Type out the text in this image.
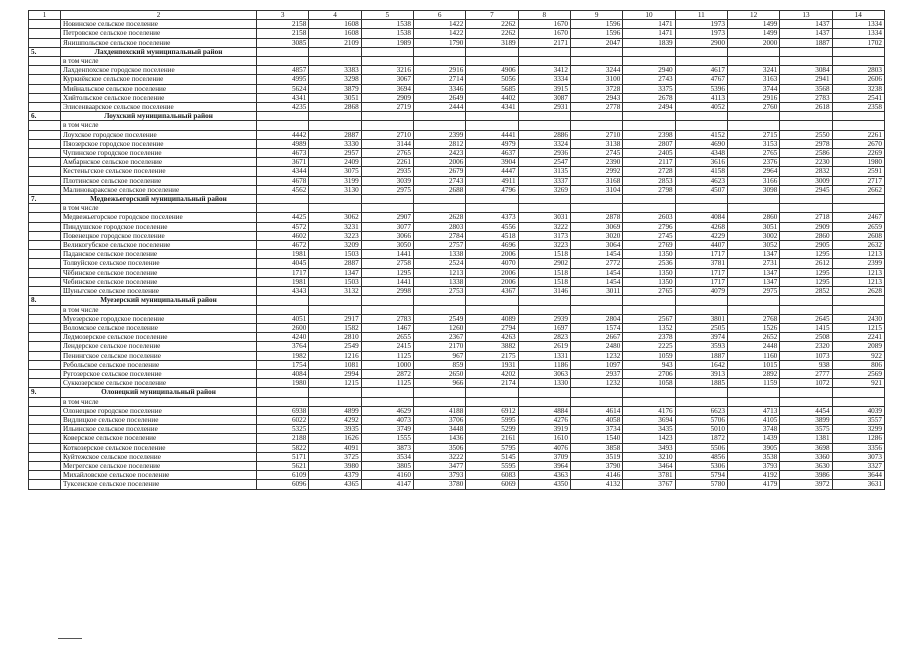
1	2	3	4	5	6	7	8	9	10	11	12	13	14
	Новинское сельское поселение	2158	1608	1538	1422	2262	1670	1596	1471	1973	1499	1437	1334
	Петровское сельское поселение	2158	1608	1538	1422	2262	1670	1596	1471	1973	1499	1437	1334
	Янишпольское сельское поселение	3085	2109	1989	1790	3189	2171	2047	1839	2900	2000	1887	1702
5.	Лахденпохский муниципальный район												
	в том числе												
	Лахденпохское городское поселение	4857	3383	3216	2916	4906	3412	3244	2940	4617	3241	3084	2803
	Куркиёкское сельское поселение	4995	3298	3067	2714	5056	3334	3100	2743	4767	3163	2941	2606
	Мийнальское сельское поселение	5624	3879	3694	3346	5685	3915	3728	3375	5396	3744	3568	3238
	Хийтольское сельское поселение	4341	3051	2909	2649	4402	3087	2943	2678	4113	2916	2783	2541
	Элисенваарское сельское поселение	4235	2868	2719	2444	4341	2931	2778	2494	4052	2760	2618	2358
6.	Лоухский муниципальный район												
	в том числе												
	Лоухское городское поселение	4442	2887	2710	2399	4441	2886	2710	2398	4152	2715	2550	2261
	Пяозерское городское поселение	4989	3330	3144	2812	4979	3324	3138	2807	4690	3153	2978	2670
	Чупинское городское поселение	4673	2957	2765	2423	4637	2936	2745	2405	4348	2765	2586	2269
	Амбарнское сельское поселение	3671	2409	2261	2006	3904	2547	2390	2117	3616	2376	2230	1980
	Кестеньгское сельское поселение	4344	3075	2935	2679	4447	3135	2992	2728	4158	2964	2832	2591
	Плотинское сельское поселение	4678	3199	3039	2743	4911	3337	3168	2853	4623	3166	3009	2717
	Малиноваракское сельское поселение	4562	3130	2975	2688	4796	3269	3104	2798	4507	3098	2945	2662
7.	Медвежьегорский муниципальный район												
	в том числе												
	Медвежьегорское городское поселение	4425	3062	2907	2628	4373	3031	2878	2603	4084	2860	2718	2467
	Пиндушское городское поселение	4572	3231	3077	2803	4556	3222	3069	2796	4268	3051	2909	2659
	Повенецкое городское поселение	4602	3223	3066	2784	4518	3173	3020	2745	4229	3002	2860	2608
	Великогубское сельское поселение	4672	3209	3050	2757	4696	3223	3064	2769	4407	3052	2905	2632
	Паданское сельское поселение	1981	1503	1441	1338	2006	1518	1454	1350	1717	1347	1295	1213
	Толвуйское сельское поселение	4045	2887	2758	2524	4070	2902	2772	2536	3781	2731	2612	2399
	Чёбинское сельское поселение	1717	1347	1295	1213	2006	1518	1454	1350	1717	1347	1295	1213
	Чебинское сельское поселение	1981	1503	1441	1338	2006	1518	1454	1350	1717	1347	1295	1213
	Шуньгское сельское поселение	4343	3132	2998	2753	4367	3146	3011	2765	4079	2975	2852	2628
8.	Муезерский муниципальный район												
	в том числе												
	Муезерское городское поселение	4051	2917	2783	2549	4089	2939	2804	2567	3801	2768	2645	2430
	Воломское сельское поселение	2600	1582	1467	1260	2794	1697	1574	1352	2505	1526	1415	1215
	Ледмозерское сельское поселение	4240	2810	2655	2367	4263	2823	2667	2378	3974	2652	2508	2241
	Лендерское сельское поселение	3764	2549	2415	2170	3882	2619	2480	2225	3593	2448	2320	2089
	Пенингское сельское поселение	1982	1216	1125	967	2175	1331	1232	1059	1887	1160	1073	922
	Ребольское сельское поселение	1754	1081	1000	859	1931	1186	1097	943	1642	1015	938	806
	Ругозерское сельское поселение	4084	2994	2872	2650	4202	3063	2937	2706	3913	2892	2777	2569
	Суккозерское сельское поселение	1980	1215	1125	966	2174	1330	1232	1058	1885	1159	1072	921
9.	Олонецкий муниципальный район												
	в том числе												
	Олонецкое городское поселение	6938	4899	4629	4188	6912	4884	4614	4176	6623	4713	4454	4039
	Видлицкое сельское поселение	6022	4292	4073	3706	5995	4276	4058	3694	5706	4105	3899	3557
	Ильинское сельское поселение	5325	3935	3749	3448	5299	3919	3734	3435	5010	3748	3575	3299
	Коверское сельское поселение	2188	1626	1555	1436	2161	1610	1540	1423	1872	1439	1381	1286
	Коткозерское сельское поселение	5822	4091	3873	3506	5795	4076	3858	3493	5506	3905	3698	3356
	Куйтежское сельское поселение	5171	3725	3534	3222	5145	3709	3519	3210	4856	3538	3360	3073
	Мегрегское сельское поселение	5621	3980	3805	3477	5595	3964	3790	3464	5306	3793	3630	3327
	Михайловское сельское поселение	6109	4379	4160	3793	6083	4363	4146	3781	5794	4192	3986	3644
	Туксенское сельское поселение	6096	4365	4147	3780	6069	4350	4132	3767	5780	4179	3972	3631
